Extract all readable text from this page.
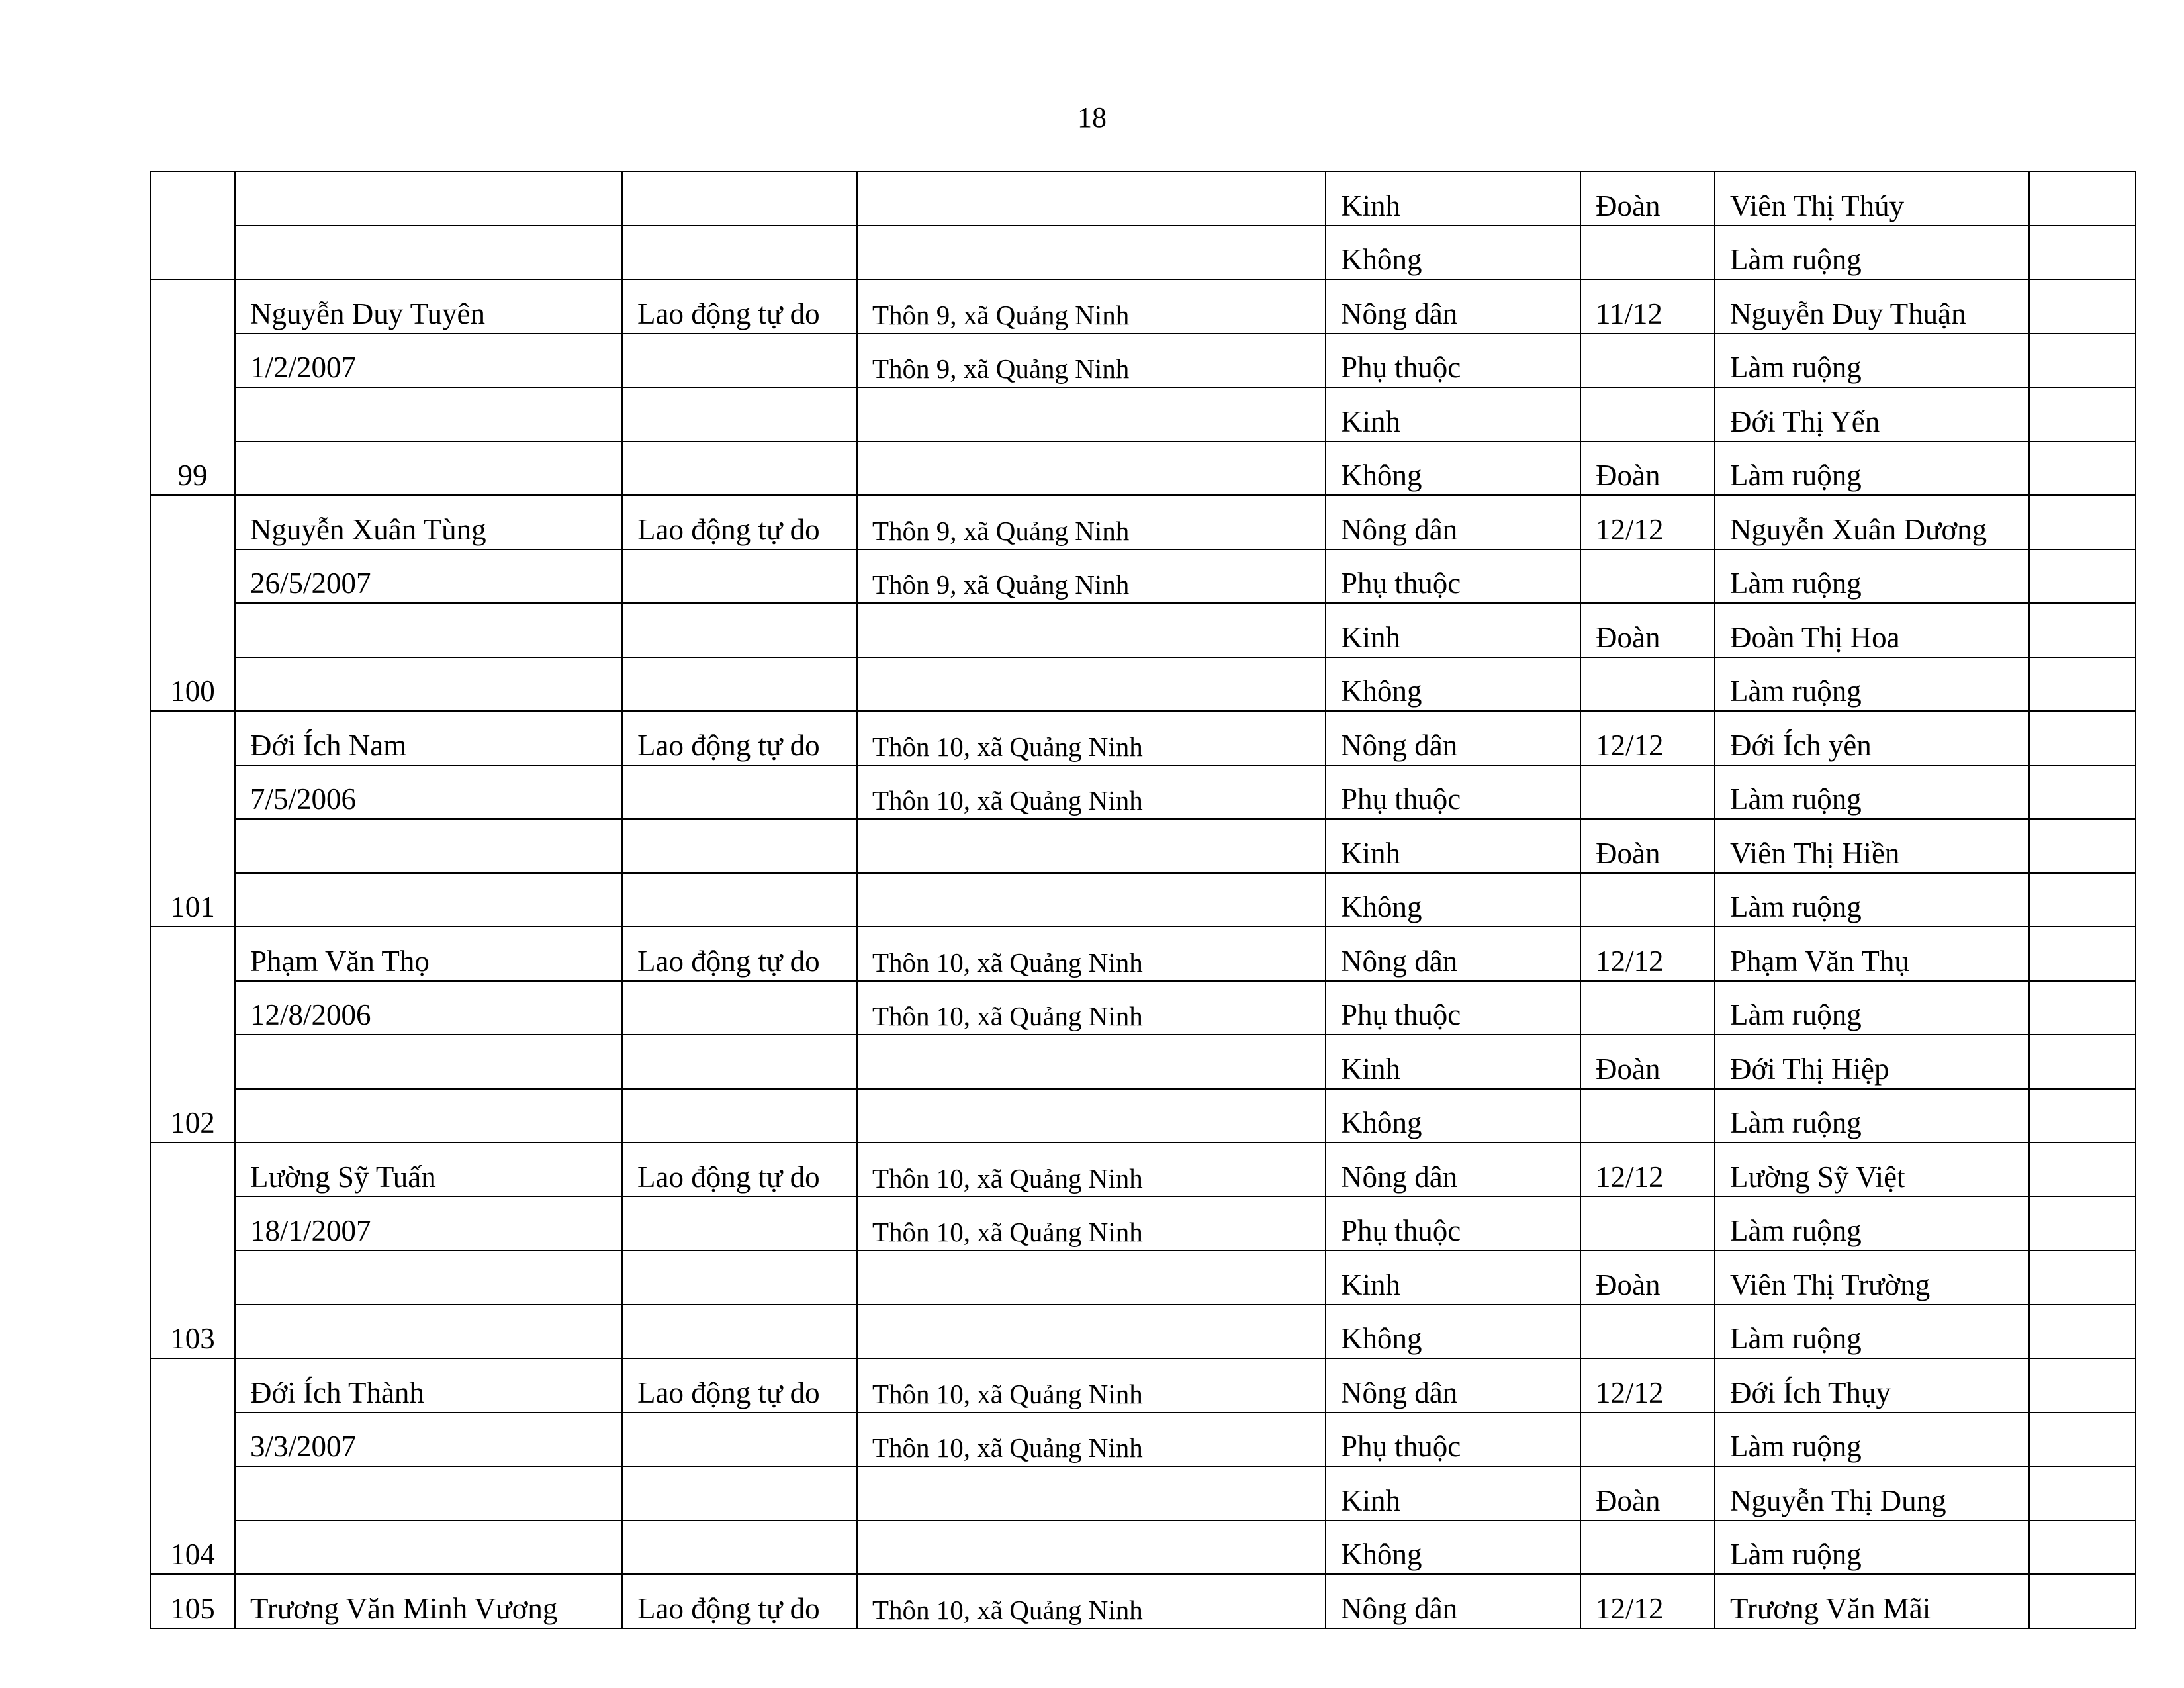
18
				Kinh	Đoàn	Viên Thị Thúy	
				Không		Làm ruộng	
99	Nguyễn Duy Tuyên	Lao động tự do	Thôn 9, xã Quảng Ninh	Nông dân	11/12	Nguyễn Duy Thuận	
	1/2/2007		Thôn 9, xã Quảng Ninh	Phụ thuộc		Làm ruộng	
				Kinh		Đới Thị Yến	
				Không	Đoàn	Làm ruộng	
100	Nguyễn Xuân Tùng	Lao động tự do	Thôn 9, xã Quảng Ninh	Nông dân	12/12	Nguyễn Xuân Dương	
	26/5/2007		Thôn 9, xã Quảng Ninh	Phụ thuộc		Làm ruộng	
				Kinh	Đoàn	Đoàn Thị Hoa	
				Không		Làm ruộng	
101	Đới Ích Nam	Lao động tự do	Thôn 10, xã Quảng Ninh	Nông dân	12/12	Đới Ích yên	
	7/5/2006		Thôn 10, xã Quảng Ninh	Phụ thuộc		Làm ruộng	
				Kinh	Đoàn	Viên Thị Hiền	
				Không		Làm ruộng	
102	Phạm Văn Thọ	Lao động tự do	Thôn 10, xã Quảng Ninh	Nông dân	12/12	Phạm Văn Thụ	
	12/8/2006		Thôn 10, xã Quảng Ninh	Phụ thuộc		Làm ruộng	
				Kinh	Đoàn	Đới Thị Hiệp	
				Không		Làm ruộng	
103	Lường Sỹ Tuấn	Lao động tự do	Thôn 10, xã Quảng Ninh	Nông dân	12/12	Lường Sỹ Việt	
	18/1/2007		Thôn 10, xã Quảng Ninh	Phụ thuộc		Làm ruộng	
				Kinh	Đoàn	Viên Thị Trường	
				Không		Làm ruộng	
104	Đới Ích Thành	Lao động tự do	Thôn 10, xã Quảng Ninh	Nông dân	12/12	Đới Ích Thụy	
	3/3/2007		Thôn 10, xã Quảng Ninh	Phụ thuộc		Làm ruộng	
				Kinh	Đoàn	Nguyễn Thị Dung	
				Không		Làm ruộng	
105	Trương Văn Minh Vương	Lao động tự do	Thôn 10, xã Quảng Ninh	Nông dân	12/12	Trương Văn Mãi	
